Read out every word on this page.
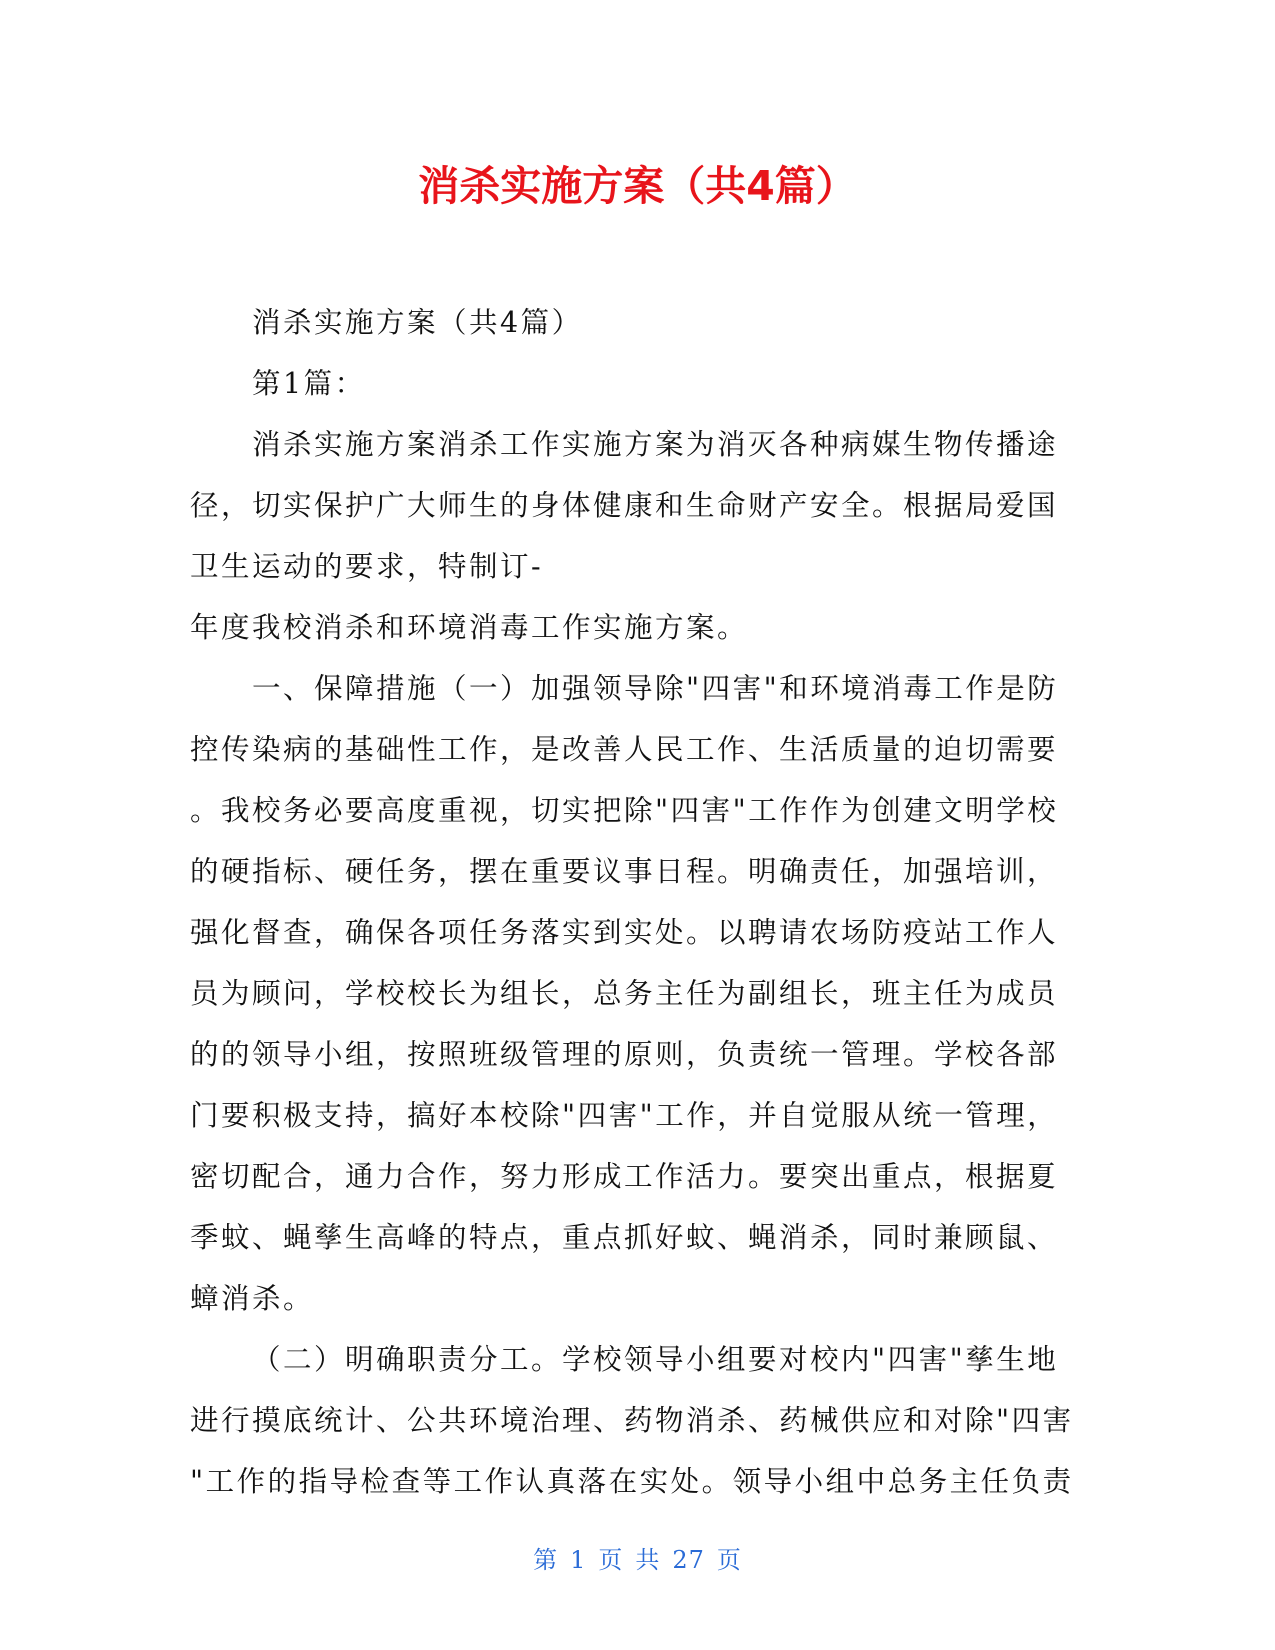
消杀实施方案（共4篇）
消杀实施方案（共4篇）
第1篇：
消杀实施方案消杀工作实施方案为消灭各种病媒生物传播途
径，切实保护广大师生的身体健康和生命财产安全。根据局爱国
卫生运动的要求，特制订-
年度我校消杀和环境消毒工作实施方案。
一、保障措施（一）加强领导除"四害"和环境消毒工作是防
控传染病的基础性工作，是改善人民工作、生活质量的迫切需要
。我校务必要高度重视，切实把除"四害"工作作为创建文明学校
的硬指标、硬任务，摆在重要议事日程。明确责任，加强培训，
强化督查，确保各项任务落实到实处。以聘请农场防疫站工作人
员为顾问，学校校长为组长，总务主任为副组长，班主任为成员
的的领导小组，按照班级管理的原则，负责统一管理。学校各部
门要积极支持，搞好本校除"四害"工作，并自觉服从统一管理，
密切配合，通力合作，努力形成工作活力。要突出重点，根据夏
季蚊、蝇孳生高峰的特点，重点抓好蚊、蝇消杀，同时兼顾鼠、
蟑消杀。
（二）明确职责分工。学校领导小组要对校内"四害"孳生地
进行摸底统计、公共环境治理、药物消杀、药械供应和对除"四害
"工作的指导检查等工作认真落在实处。领导小组中总务主任负责
第 1 页 共 27 页
